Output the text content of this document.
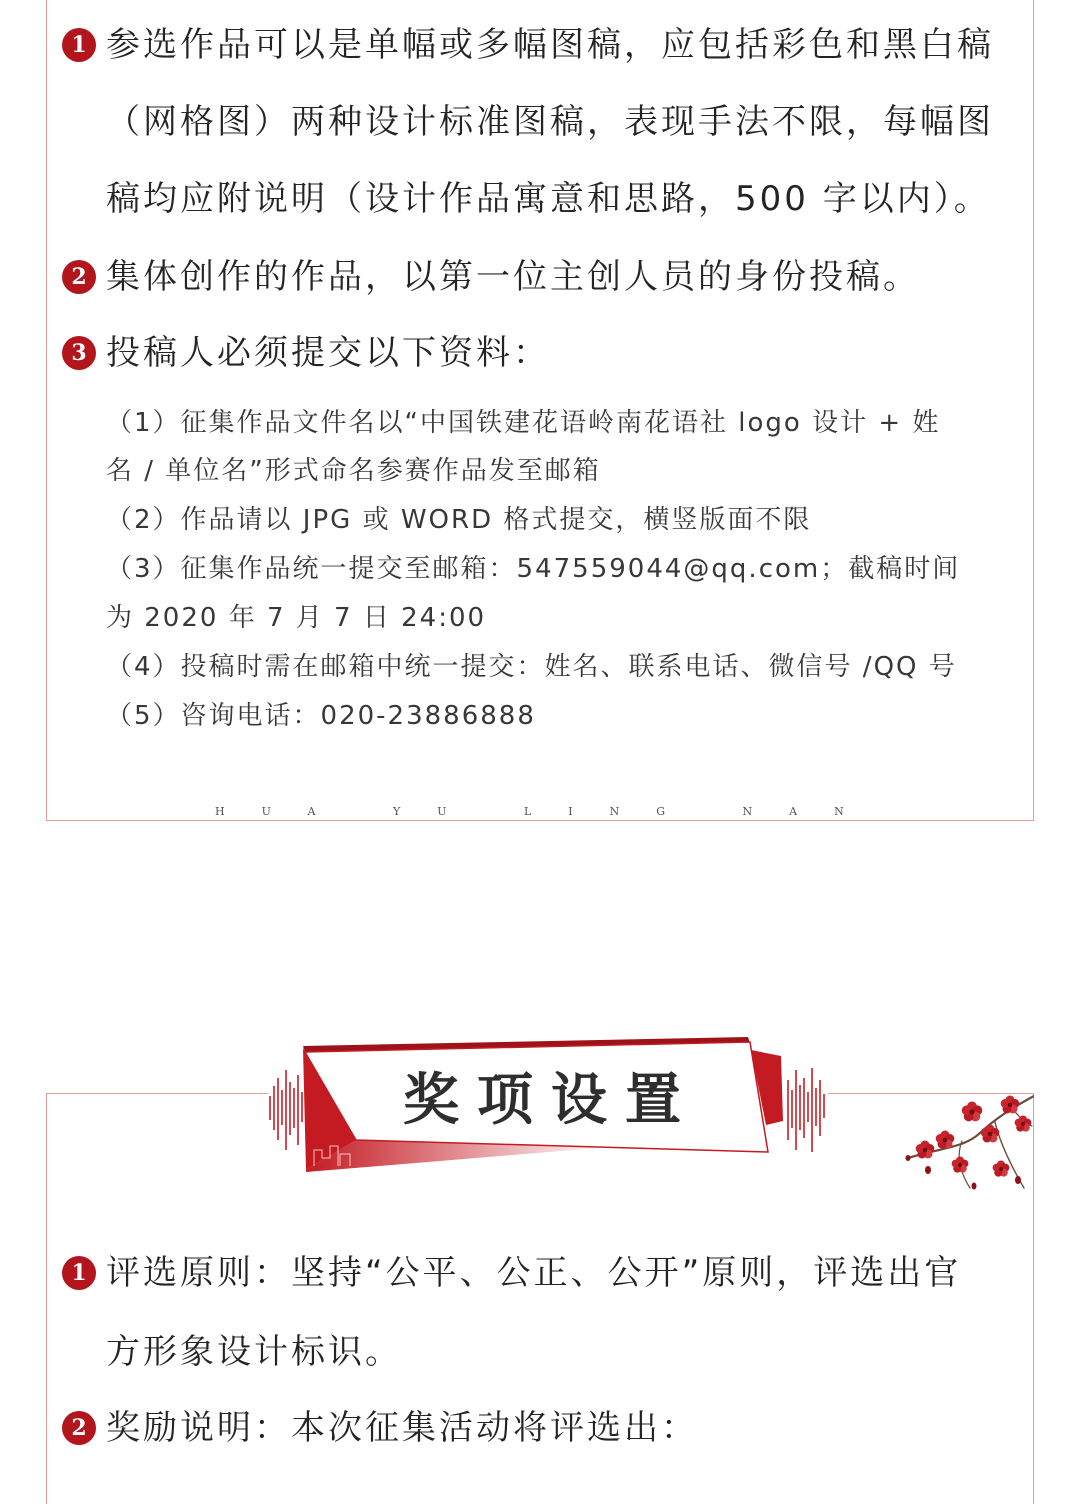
1 参选作品可以是单幅或多幅图稿，应包括彩色和黑白稿
（网格图）两种设计标准图稿，表现手法不限，每幅图
稿均应附说明（设计作品寓意和思路，500 字以内）。
2 集体创作的作品，以第一位主创人员的身份投稿。
3 投稿人必须提交以下资料：
（1）征集作品文件名以“中国铁建花语岭南花语社 logo 设计 + 姓
名 / 单位名”形式命名参赛作品发至邮箱
（2）作品请以 JPG 或 WORD 格式提交，横竖版面不限
（3）征集作品统一提交至邮箱：547559044@qq.com；截稿时间
为 2020 年 7 月 7 日 24:00
（4）投稿时需在邮箱中统一提交：姓名、联系电话、微信号 /QQ 号
（5）咨询电话：020-23886888
HUA YU LING NAN
奖项设置
1 评选原则：坚持“公平、公正、公开”原则，评选出官
方形象设计标识。
2 奖励说明：本次征集活动将评选出：
